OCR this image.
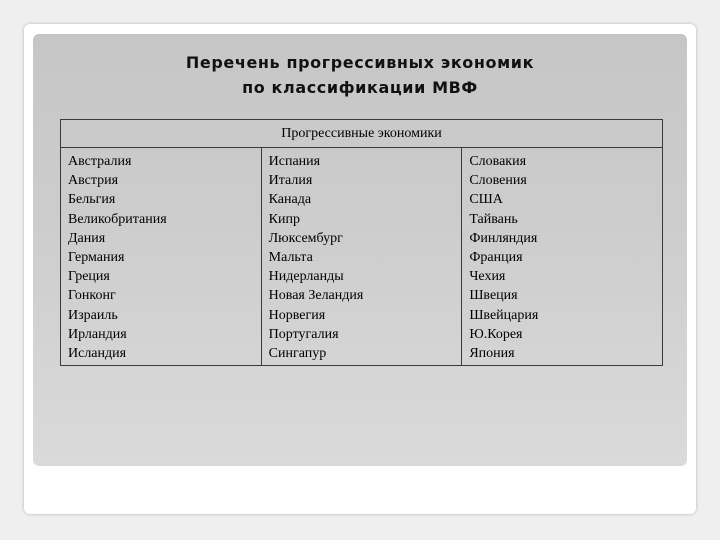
Перечень прогрессивных экономик
по классификации МВФ
Прогрессивные экономики

Австралия
Австрия
Бельгия
Великобритания
Дания
Германия
Греция
Гонконг
Израиль
Ирландия
Исландия

Испания
Италия
Канада
Кипр
Люксембург
Мальта
Нидерланды
Новая Зеландия
Норвегия
Португалия
Сингапур

Словакия
Словения
США
Тайвань
Финляндия
Франция
Чехия
Швеция
Швейцария
Ю.Корея
Япония
